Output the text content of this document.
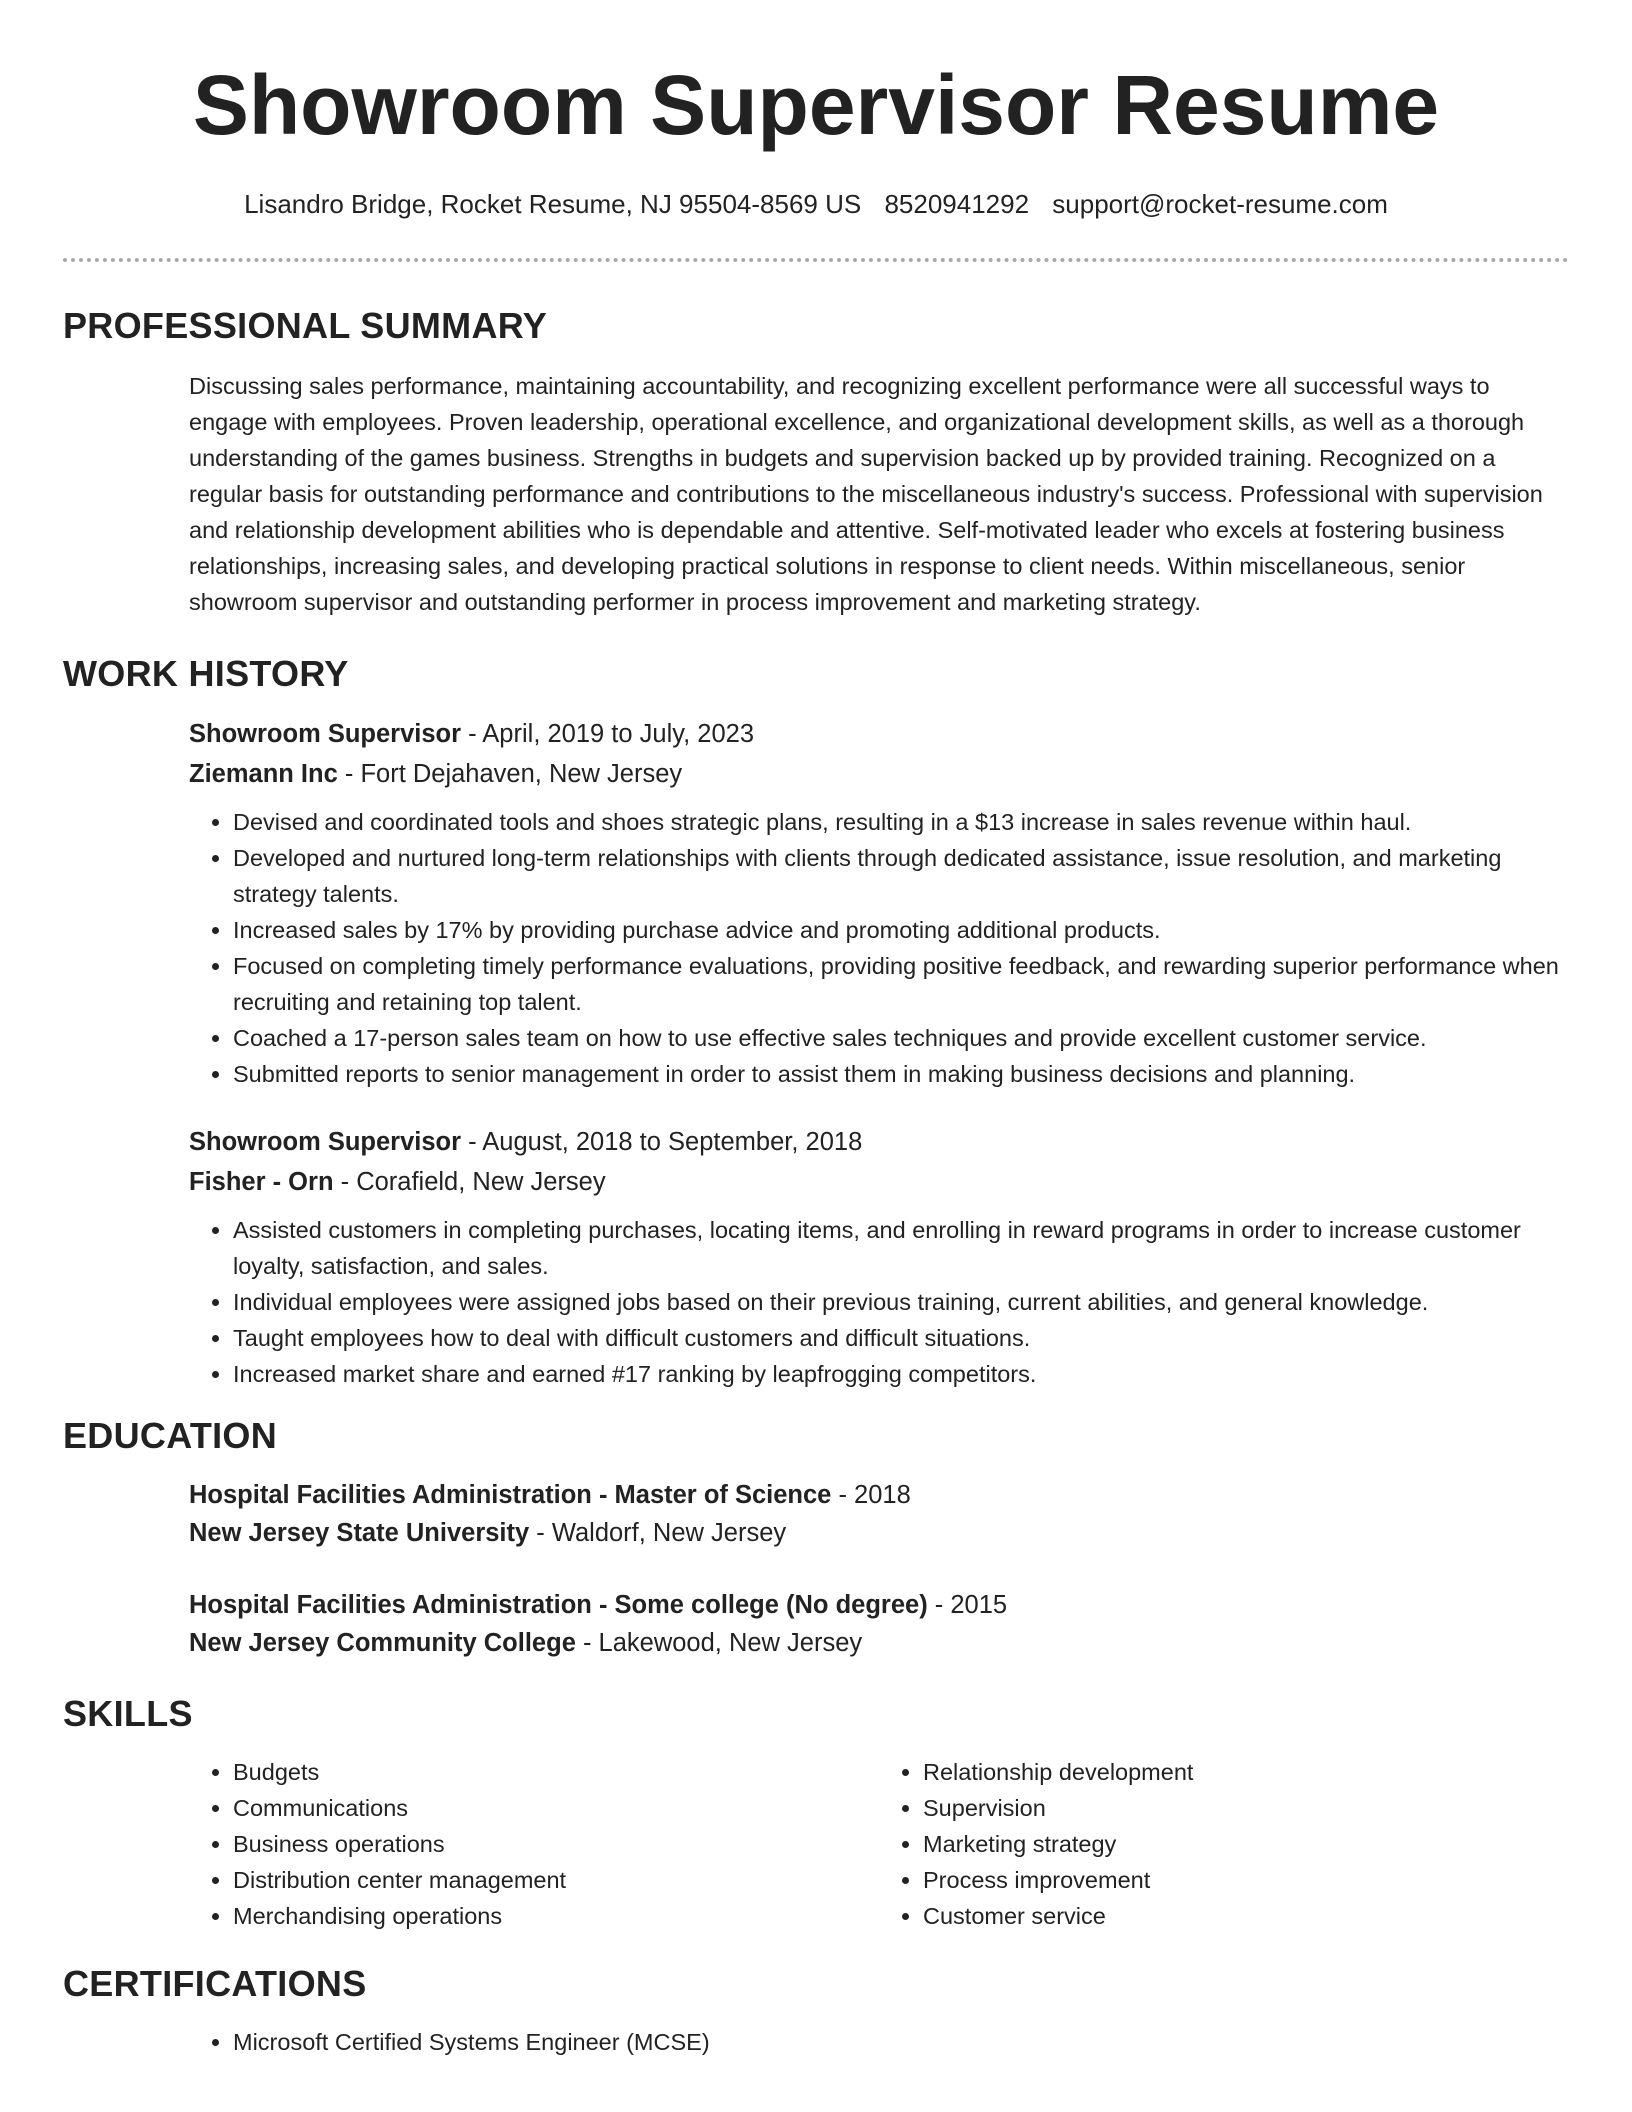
Showroom Supervisor Resume
Lisandro Bridge, Rocket Resume, NJ 95504-8569 US 8520941292 support@rocket-resume.com
PROFESSIONAL SUMMARY

Discussing sales performance, maintaining accountability, and recognizing excellent performance were all successful ways to engage with employees. Proven leadership, operational excellence, and organizational development skills, as well as a thorough understanding of the games business. Strengths in budgets and supervision backed up by provided training. Recognized on a regular basis for outstanding performance and contributions to the miscellaneous industry's success. Professional with supervision and relationship development abilities who is dependable and attentive. Self-motivated leader who excels at fostering business relationships, increasing sales, and developing practical solutions in response to client needs. Within miscellaneous, senior showroom supervisor and outstanding performer in process improvement and marketing strategy.

WORK HISTORY
Showroom Supervisor - April, 2019 to July, 2023
Ziemann Inc - Fort Dejahaven, New Jersey
• Devised and coordinated tools and shoes strategic plans, resulting in a $13 increase in sales revenue within haul.
• Developed and nurtured long-term relationships with clients through dedicated assistance, issue resolution, and marketing strategy talents.
• Increased sales by 17% by providing purchase advice and promoting additional products.
• Focused on completing timely performance evaluations, providing positive feedback, and rewarding superior performance when recruiting and retaining top talent.
• Coached a 17-person sales team on how to use effective sales techniques and provide excellent customer service.
• Submitted reports to senior management in order to assist them in making business decisions and planning.
Showroom Supervisor - August, 2018 to September, 2018
Fisher - Orn - Corafield, New Jersey
• Assisted customers in completing purchases, locating items, and enrolling in reward programs in order to increase customer loyalty, satisfaction, and sales.
• Individual employees were assigned jobs based on their previous training, current abilities, and general knowledge.
• Taught employees how to deal with difficult customers and difficult situations.
• Increased market share and earned #17 ranking by leapfrogging competitors.
EDUCATION
Hospital Facilities Administration - Master of Science - 2018
New Jersey State University - Waldorf, New Jersey
Hospital Facilities Administration - Some college (No degree) - 2015
New Jersey Community College - Lakewood, New Jersey
SKILLS
• Budgets
• Communications
• Business operations
• Distribution center management
• Merchandising operations
• Relationship development
• Supervision
• Marketing strategy
• Process improvement
• Customer service
CERTIFICATIONS
• Microsoft Certified Systems Engineer (MCSE)
